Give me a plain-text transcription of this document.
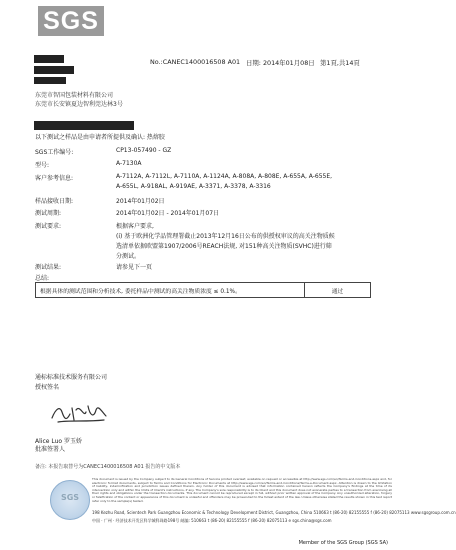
SGS
No.:CANEC1400016508 A01 日期: 2014年01月08日 第1頁,共14頁
东莞市智国包装材料有限公司
东莞市长安镇夏边智利莞达林3号
以下测试之样品是由申请者所提供及确认: 热熔胶
SGS工作编号:	CP13-057490 - GZ
型号:	A-7130A
客户参考信息:	A-7112A, A-7112L, A-7110A, A-1124A, A-808A, A-808E, A-655A, A-655E,
A-655L, A-918AL, A-919AE, A-3371, A-3378, A-3316
样品接收日期:	2014年01月02日
测试周期:	2014年01月02日 - 2014年01月07日
测试要求:	根据客户要求,
(i) 基于欧洲化学品管理署截止2013年12月16日公布的供授权审议的高关注物质候
选清单依据欧盟第1907/2006号REACH法规, 对151种高关注物质(SVHC)进行筛
分测试。
测试结果:	请参见下一页
总结:
根据具体的测试范围和分析技术, 委托样品中测试的高关注物质浓度 ≤ 0.1%。	通过
通标标准技术服务有限公司
授权签名
Alice Luo 罗玉娇
批准签署人
备注: 本报告取替号为CANEC1400016508 A01 报告的中文版本
SGS
This document is issued by the Company subject to its General Conditions of Service printed overleaf, available on request or accessible at http://www.sgs.com/en/Terms-and-Conditions.aspx and, for electronic format documents, subject to Terms and Conditions for Electronic Documents at http://www.sgs.com/en/Terms-and-Conditions/Terms-e-Document.aspx. Attention is drawn to the limitation of liability, indemnification and jurisdiction issues defined therein. Any holder of this document is advised that information contained hereon reflects the Company's findings at the time of its intervention only and within the limits of Client's instructions, if any. The Company's sole responsibility is to its Client and this document does not exonerate parties to a transaction from exercising all their rights and obligations under the transaction documents. This document cannot be reproduced except in full, without prior written approval of the Company. Any unauthorized alteration, forgery or falsification of the content or appearance of this document is unlawful and offenders may be prosecuted to the fullest extent of the law. Unless otherwise stated the results shown in this test report refer only to the sample(s) tested.
198 Kezhu Road, Scientech Park Guangzhou Economic & Technology Development District, Guangzhou, China 510663 t (86-20) 82155555 f (86-20) 82075113 www.sgsgroup.com.cn
中国 · 广州 · 经济技术开发区科学城科珠路198号 邮编: 510663 t (86-20) 82155555 f (86-20) 82075113 e sgs.china@sgs.com
Member of the SGS Group (SGS SA)
